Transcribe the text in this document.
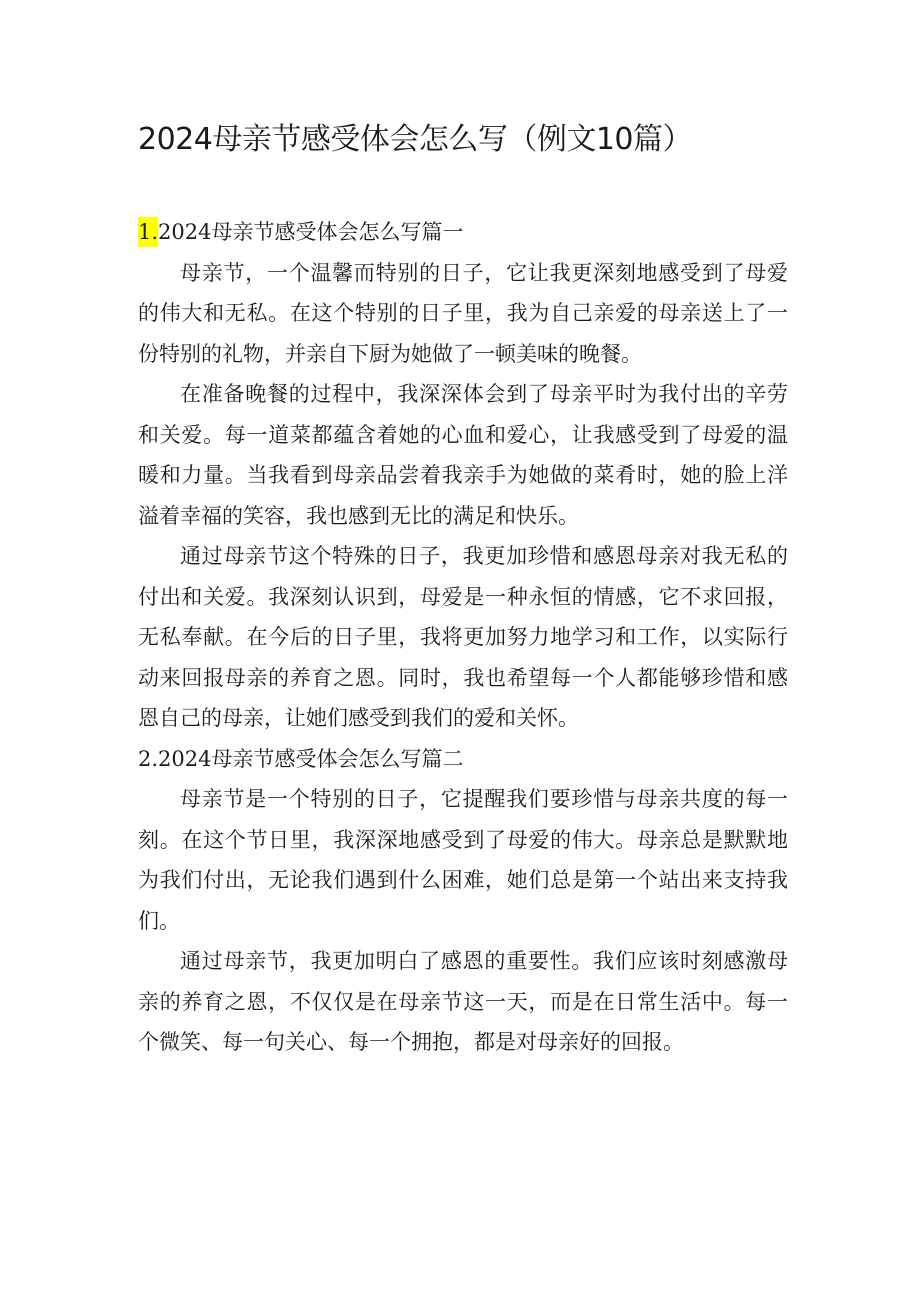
2024母亲节感受体会怎么写（例文10篇）
1.2024母亲节感受体会怎么写篇一

母亲节，一个温馨而特别的日子，它让我更深刻地感受到了母爱的伟大和无私。在这个特别的日子里，我为自己亲爱的母亲送上了一份特别的礼物，并亲自下厨为她做了一顿美味的晚餐。

在准备晚餐的过程中，我深深体会到了母亲平时为我付出的辛劳和关爱。每一道菜都蕴含着她的心血和爱心，让我感受到了母爱的温暖和力量。当我看到母亲品尝着我亲手为她做的菜肴时，她的脸上洋溢着幸福的笑容，我也感到无比的满足和快乐。

通过母亲节这个特殊的日子，我更加珍惜和感恩母亲对我无私的付出和关爱。我深刻认识到，母爱是一种永恒的情感，它不求回报，无私奉献。在今后的日子里，我将更加努力地学习和工作，以实际行动来回报母亲的养育之恩。同时，我也希望每一个人都能够珍惜和感恩自己的母亲，让她们感受到我们的爱和关怀。

2.2024母亲节感受体会怎么写篇二

母亲节是一个特别的日子，它提醒我们要珍惜与母亲共度的每一刻。在这个节日里，我深深地感受到了母爱的伟大。母亲总是默默地为我们付出，无论我们遇到什么困难，她们总是第一个站出来支持我们。

通过母亲节，我更加明白了感恩的重要性。我们应该时刻感激母亲的养育之恩，不仅仅是在母亲节这一天，而是在日常生活中。每一个微笑、每一句关心、每一个拥抱，都是对母亲好的回报。
